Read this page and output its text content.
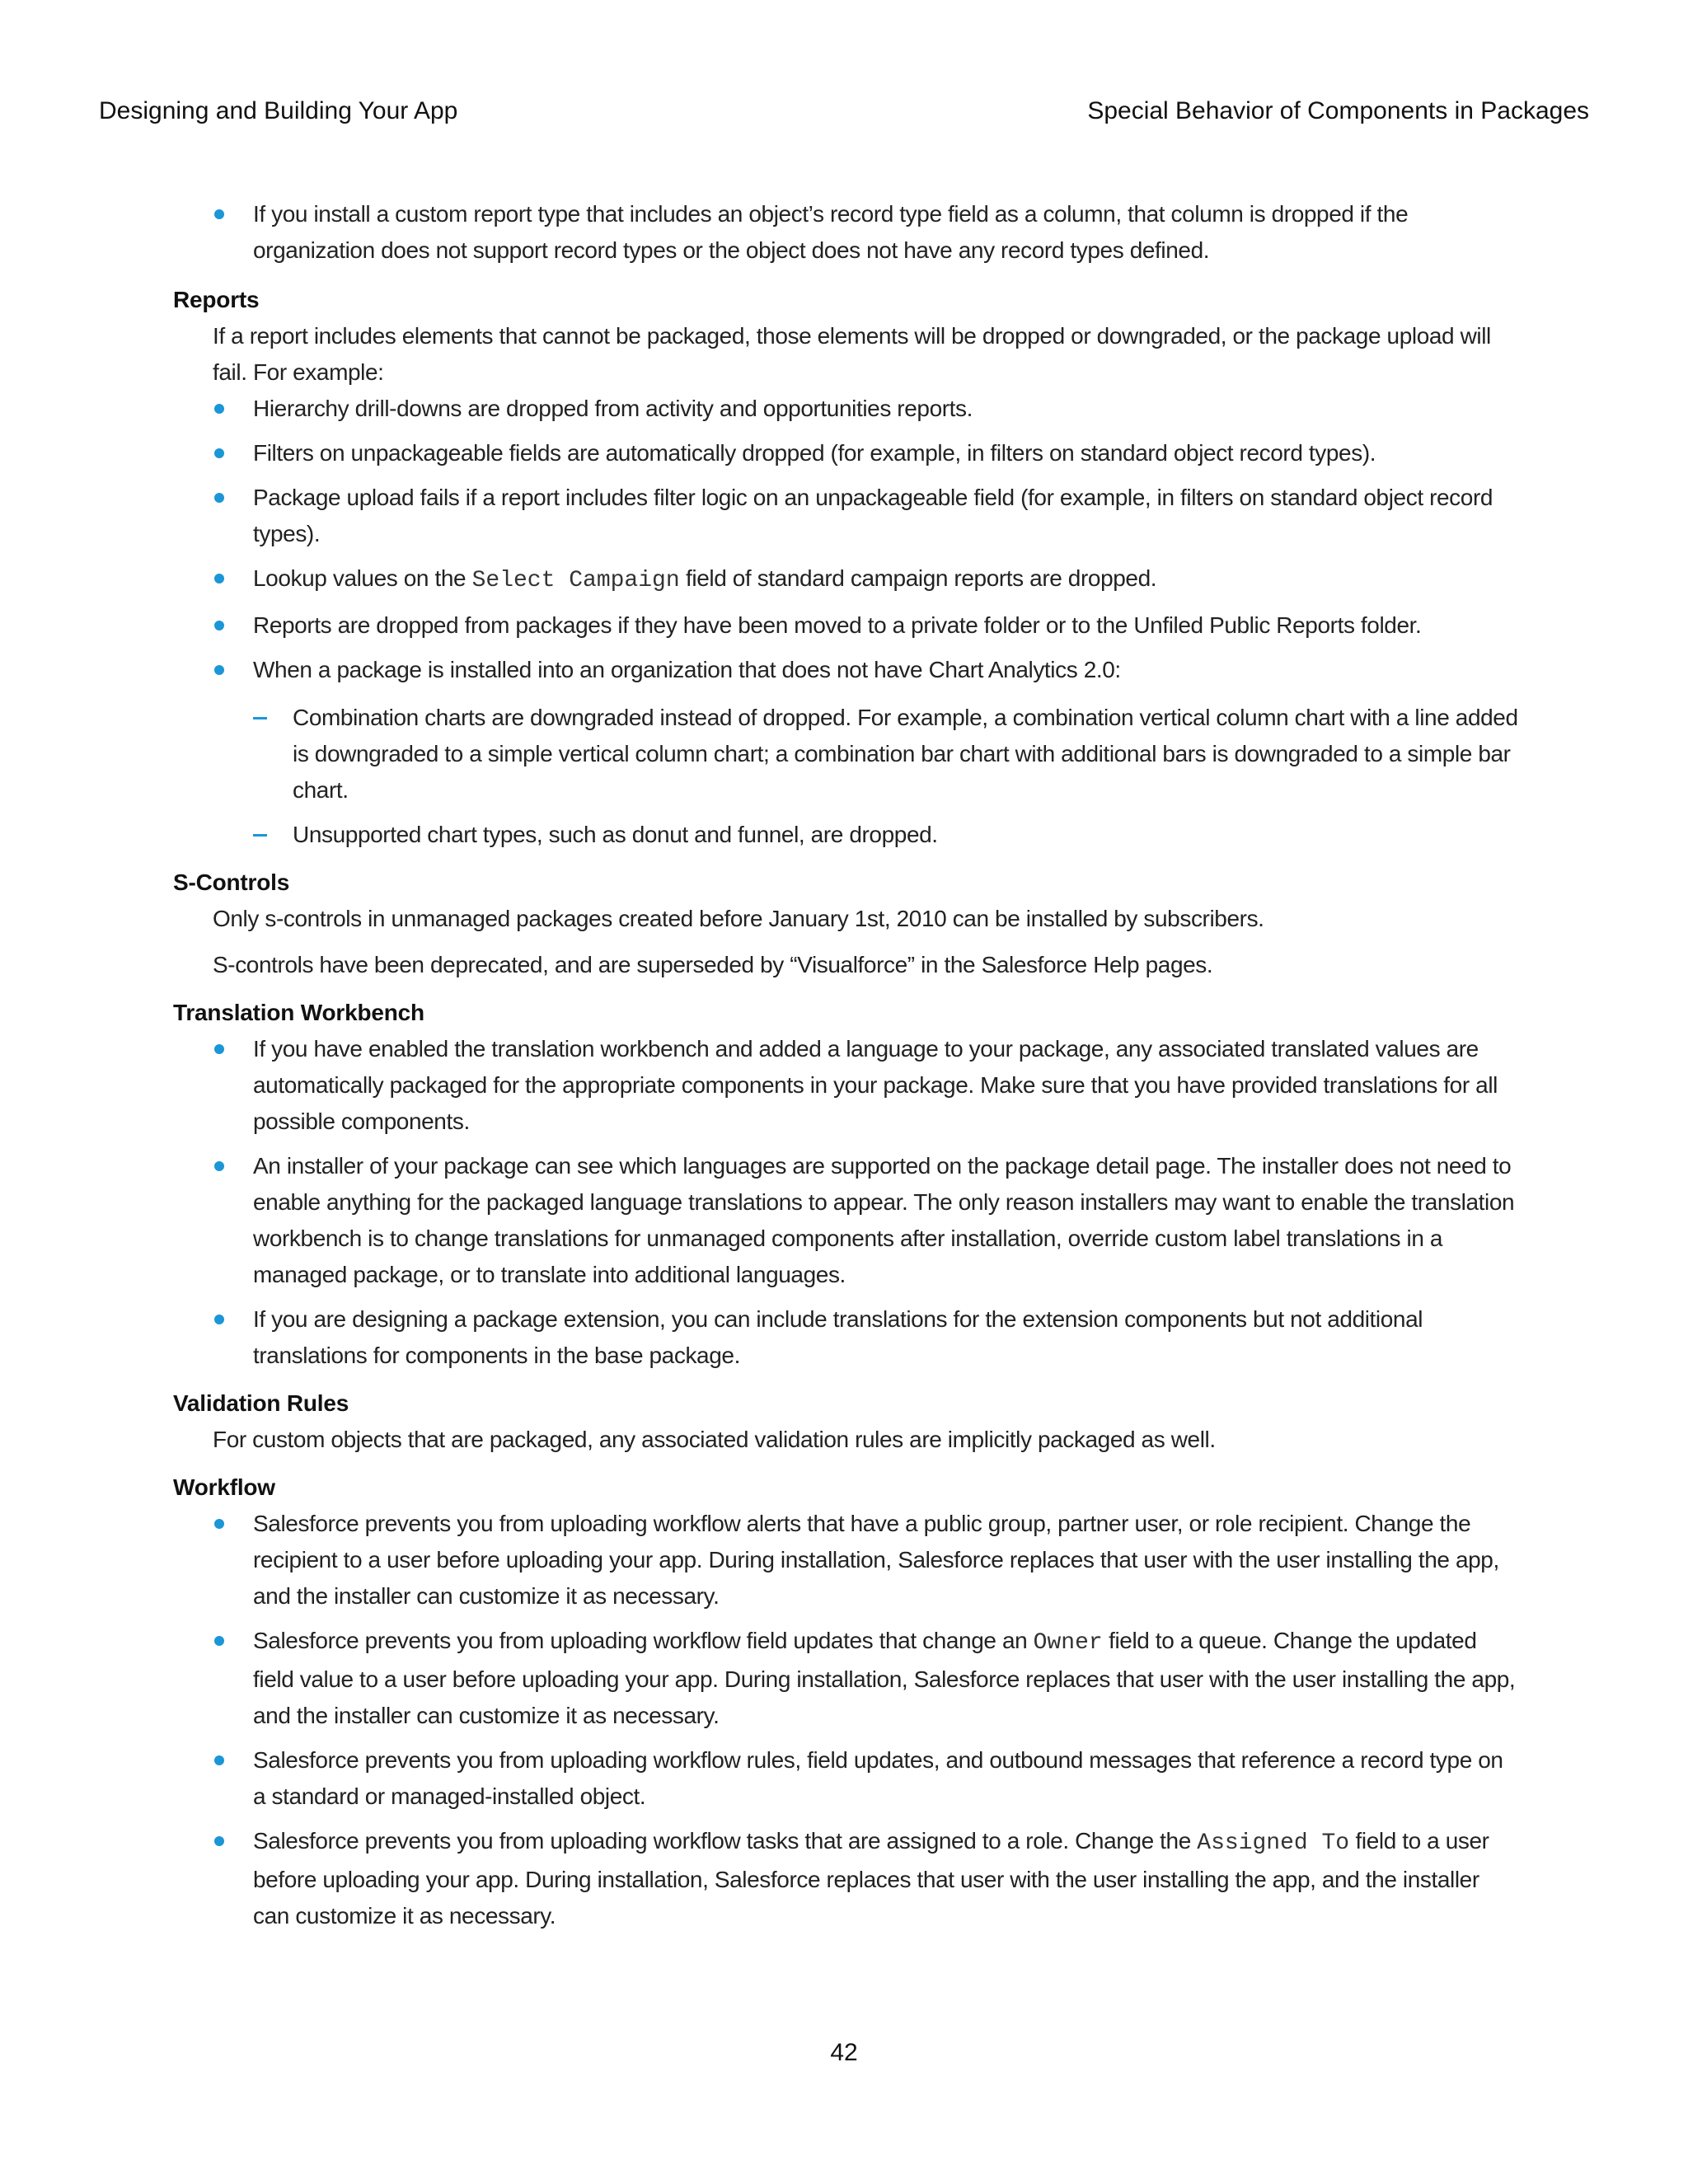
Designing and Building Your App	Special Behavior of Components in Packages
If you install a custom report type that includes an object’s record type field as a column, that column is dropped if the organization does not support record types or the object does not have any record types defined.
Reports

If a report includes elements that cannot be packaged, those elements will be dropped or downgraded, or the package upload will fail. For example:

Hierarchy drill-downs are dropped from activity and opportunities reports.
Filters on unpackageable fields are automatically dropped (for example, in filters on standard object record types).
Package upload fails if a report includes filter logic on an unpackageable field (for example, in filters on standard object record types).
Lookup values on the Select Campaign field of standard campaign reports are dropped.
Reports are dropped from packages if they have been moved to a private folder or to the Unfiled Public Reports folder.
When a package is installed into an organization that does not have Chart Analytics 2.0:
Combination charts are downgraded instead of dropped. For example, a combination vertical column chart with a line added is downgraded to a simple vertical column chart; a combination bar chart with additional bars is downgraded to a simple bar chart.
Unsupported chart types, such as donut and funnel, are dropped.
S-Controls

Only s-controls in unmanaged packages created before January 1st, 2010 can be installed by subscribers.

S-controls have been deprecated, and are superseded by “Visualforce” in the Salesforce Help pages.

Translation Workbench
If you have enabled the translation workbench and added a language to your package, any associated translated values are automatically packaged for the appropriate components in your package. Make sure that you have provided translations for all possible components.
An installer of your package can see which languages are supported on the package detail page. The installer does not need to enable anything for the packaged language translations to appear. The only reason installers may want to enable the translation workbench is to change translations for unmanaged components after installation, override custom label translations in a managed package, or to translate into additional languages.
If you are designing a package extension, you can include translations for the extension components but not additional translations for components in the base package.
Validation Rules

For custom objects that are packaged, any associated validation rules are implicitly packaged as well.

Workflow
Salesforce prevents you from uploading workflow alerts that have a public group, partner user, or role recipient. Change the recipient to a user before uploading your app. During installation, Salesforce replaces that user with the user installing the app, and the installer can customize it as necessary.
Salesforce prevents you from uploading workflow field updates that change an Owner field to a queue. Change the updated field value to a user before uploading your app. During installation, Salesforce replaces that user with the user installing the app, and the installer can customize it as necessary.
Salesforce prevents you from uploading workflow rules, field updates, and outbound messages that reference a record type on a standard or managed-installed object.
Salesforce prevents you from uploading workflow tasks that are assigned to a role. Change the Assigned To field to a user before uploading your app. During installation, Salesforce replaces that user with the user installing the app, and the installer can customize it as necessary.
42
